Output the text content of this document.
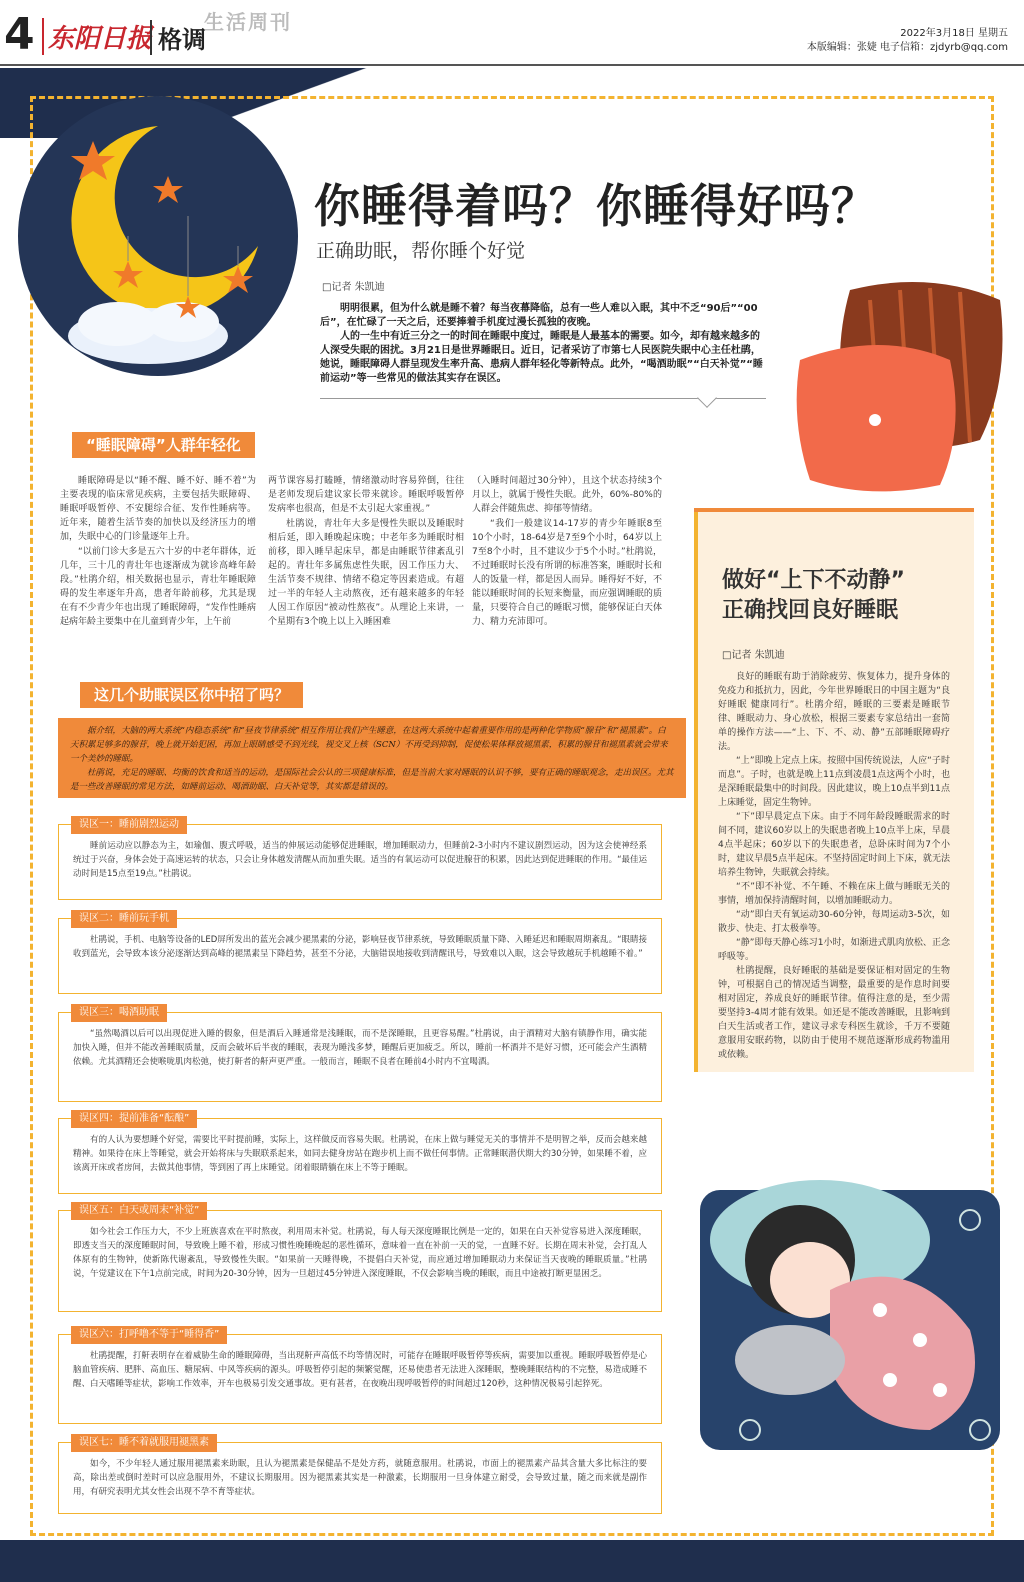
4 东阳日报 格调
生活周刊	2022年3月18日 星期五
本版编辑：张婕 电子信箱：zjdyrb@qq.com
你睡得着吗？你睡得好吗？
正确助眠，帮你睡个好觉
□记者 朱凯迪

明明很累，但为什么就是睡不着？每当夜幕降临，总有一些人难以入眠，其中不乏“90后”“00后”，在忙碌了一天之后，还要捧着手机度过漫长孤独的夜晚。

人的一生中有近三分之一的时间在睡眠中度过，睡眠是人最基本的需要。如今，却有越来越多的人深受失眠的困扰。3月21日是世界睡眠日。近日，记者采访了市第七人民医院失眠中心主任杜鹃，她说，睡眠障碍人群呈现发生率升高、患病人群年轻化等新特点。此外，“喝酒助眠”“白天补觉”“睡前运动”等一些常见的做法其实存在误区。

“睡眠障碍”人群年轻化

睡眠障碍是以“睡不醒、睡不好、睡不着”为主要表现的临床常见疾病，主要包括失眠障碍、睡眠呼吸暂停、不安腿综合征、发作性睡病等。近年来，随着生活节奏的加快以及经济压力的增加，失眠中心的门诊量逐年上升。

“以前门诊大多是五六十岁的中老年群体，近几年，三十几的青壮年也逐渐成为就诊高峰年龄段。”杜鹃介绍，相关数据也显示，青壮年睡眠障碍的发生率逐年升高，患者年龄前移，尤其是现在有不少青少年也出现了睡眠障碍，“发作性睡病起病年龄主要集中在儿童到青少年，上午前

两节课容易打瞌睡，情绪激动时容易猝倒，往往是老师发现后建议家长带来就诊。睡眠呼吸暂停发病率也很高，但是不太引起大家重视。”

杜鹃说，青壮年大多是慢性失眠以及睡眠时相后延，即入睡晚起床晚；中老年多为睡眠时相前移，即入睡早起床早，都是由睡眠节律紊乱引起的。青壮年多属焦虑性失眠，因工作压力大、生活节奏不规律、情绪不稳定等因素造成。有超过一半的年轻人主动熬夜，还有越来越多的年轻人因工作原因“被动性熬夜”。从理论上来讲，一个星期有3个晚上以上入睡困难

（入睡时间超过30分钟），且这个状态持续3个月以上，就属于慢性失眠。此外，60%-80%的人群会伴随焦虑、抑郁等情绪。

“我们一般建议14-17岁的青少年睡眠8至10个小时，18-64岁是7至9个小时，64岁以上7至8个小时，且不建议少于5个小时。”杜鹃说，不过睡眠时长没有所谓的标准答案，睡眠时长和人的饭量一样，都是因人而异。睡得好不好，不能以睡眠时间的长短来衡量，而应强调睡眠的质量，只要符合自己的睡眠习惯，能够保证白天体力、精力充沛即可。

这几个助眠误区你中招了吗？

据介绍，大脑的两大系统“内稳态系统”和“昼夜节律系统”相互作用让我们产生睡意，在这两大系统中起着重要作用的是两种化学物质“腺苷”和“褪黑素”。白天积累足够多的腺苷，晚上就开始犯困，再加上眼睛感受不到光线，视交叉上核（SCN）不再受到抑制，促使松果体释放褪黑素，积累的腺苷和褪黑素就会带来一个美妙的睡眠。

杜鹃说，充足的睡眠、均衡的饮食和适当的运动，是国际社会公认的三项健康标准，但是当前大家对睡眠的认识不够，要有正确的睡眠观念，走出误区。尤其是一些改善睡眠的常见方法，如睡前运动、喝酒助眠、白天补觉等，其实都是错误的。

误区一：睡前剧烈运动
睡前运动应以静态为主，如瑜伽、腹式呼吸，适当的伸展运动能够促进睡眠，增加睡眠动力，但睡前2-3小时内不建议剧烈运动，因为这会使神经系统过于兴奋，身体会处于高速运转的状态，只会让身体越发清醒从而加重失眠。适当的有氧运动可以促进腺苷的积累，因此达到促进睡眠的作用。“最佳运动时间是15点至19点。”杜鹃说。
误区二：睡前玩手机
杜鹃说，手机、电脑等设备的LED屏所发出的蓝光会减少褪黑素的分泌，影响昼夜节律系统，导致睡眠质量下降、入睡延迟和睡眠周期紊乱。“眼睛接收到蓝光，会导致本该分泌逐渐达到高峰的褪黑素呈下降趋势，甚至不分泌，大脑错误地接收到清醒讯号，导致难以入眠，这会导致越玩手机越睡不着。”
误区三：喝酒助眠
“虽然喝酒以后可以出现促进入睡的假象，但是酒后入睡通常是浅睡眠，而不是深睡眠，且更容易醒。”杜鹃说，由于酒精对大脑有镇静作用，确实能加快入睡，但并不能改善睡眠质量，反而会破坏后半夜的睡眠，表现为睡浅多梦，睡醒后更加疲乏。所以，睡前一杯酒并不是好习惯，还可能会产生酒精依赖。尤其酒精还会使喉咙肌肉松弛，使打鼾者的鼾声更严重。一般而言，睡眠不良者在睡前4小时内不宜喝酒。
误区四：提前准备“酝酿”
有的人认为要想睡个好觉，需要比平时提前睡，实际上，这样做反而容易失眠。杜鹃说，在床上做与睡觉无关的事情并不是明智之举，反而会越来越精神。如果待在床上等睡觉，就会开始将床与失眠联系起来，如同去健身房站在跑步机上而不做任何事情。正常睡眠潜伏期大约30分钟，如果睡不着，应该离开床或者房间，去做其他事情，等到困了再上床睡觉。闭着眼睛躺在床上不等于睡眠。
误区五：白天或周末“补觉”
如今社会工作压力大，不少上班族喜欢在平时熬夜，利用周末补觉。杜鹃说，每人每天深度睡眠比例是一定的，如果在白天补觉容易进入深度睡眠，即透支当天的深度睡眠时间，导致晚上睡不着，形成习惯性晚睡晚起的恶性循环，意味着一直在补前一天的觉，一直睡不好。长期在周末补觉，会打乱人体原有的生物钟，使新陈代谢紊乱，导致慢性失眠。“如果前一天睡得晚，不提倡白天补觉，而应通过增加睡眠动力来保证当天夜晚的睡眠质量。”杜鹃说，午觉建议在下午1点前完成，时间为20-30分钟，因为一旦超过45分钟进入深度睡眠，不仅会影响当晚的睡眠，而且中途被打断更显困乏。
误区六：打呼噜不等于“睡得香”
杜鹃提醒，打鼾表明存在着威胁生命的睡眠障碍，当出现鼾声高低不均等情况时，可能存在睡眠呼吸暂停等疾病，需要加以重视。睡眠呼吸暂停是心脑血管疾病、肥胖、高血压、糖尿病、中风等疾病的源头。呼吸暂停引起的频繁觉醒，还易使患者无法进入深睡眠，整晚睡眠结构的不完整，易造成睡不醒、白天嗜睡等症状，影响工作效率，开车也极易引发交通事故。更有甚者，在夜晚出现呼吸暂停的时间超过120秒，这种情况极易引起猝死。
误区七：睡不着就服用褪黑素
如今，不少年轻人通过服用褪黑素来助眠，且认为褪黑素是保健品不是处方药，就随意服用。杜鹃说，市面上的褪黑素产品其含量大多比标注的要高，除出差或倒时差时可以应急服用外，不建议长期服用。因为褪黑素其实是一种激素，长期服用一旦身体建立耐受，会导致过量，随之而来就是副作用，有研究表明尤其女性会出现不孕不育等症状。
做好“上下不动静”
正确找回良好睡眠
□记者 朱凯迪

良好的睡眠有助于消除疲劳、恢复体力，提升身体的免疫力和抵抗力，因此，今年世界睡眠日的中国主题为“良好睡眠 健康同行”。杜鹃介绍，睡眠的三要素是睡眠节律、睡眠动力、身心放松，根据三要素专家总结出一套简单的操作方法——“上、下、不、动、静”五部睡眠障碍疗法。

“上”即晚上定点上床。按照中国传统说法，人应“子时而息”。子时，也就是晚上11点到凌晨1点这两个小时，也是深睡眠最集中的时间段。因此建议，晚上10点半到11点上床睡觉，固定生物钟。

“下”即早晨定点下床。由于不同年龄段睡眠需求的时间不同，建议60岁以上的失眠患者晚上10点半上床，早晨4点半起床；60岁以下的失眠患者，总卧床时间为7个小时，建议早晨5点半起床。不坚持固定时间上下床，就无法培养生物钟，失眠就会持续。

“不”即不补觉、不午睡、不赖在床上做与睡眠无关的事情，增加保持清醒时间，以增加睡眠动力。

“动”即白天有氧运动30-60分钟，每周运动3-5次，如散步、快走、打太极拳等。

“静”即每天静心练习1小时，如渐进式肌肉放松、正念呼吸等。

杜鹃提醒，良好睡眠的基础是要保证相对固定的生物钟，可根据自己的情况适当调整，最重要的是作息时间要相对固定，养成良好的睡眠节律。值得注意的是，至少需要坚持3-4周才能有效果。如还是不能改善睡眠，且影响到白天生活或者工作，建议寻求专科医生就诊，千万不要随意服用安眠药物，以防由于使用不规范逐渐形成药物滥用或依赖。
